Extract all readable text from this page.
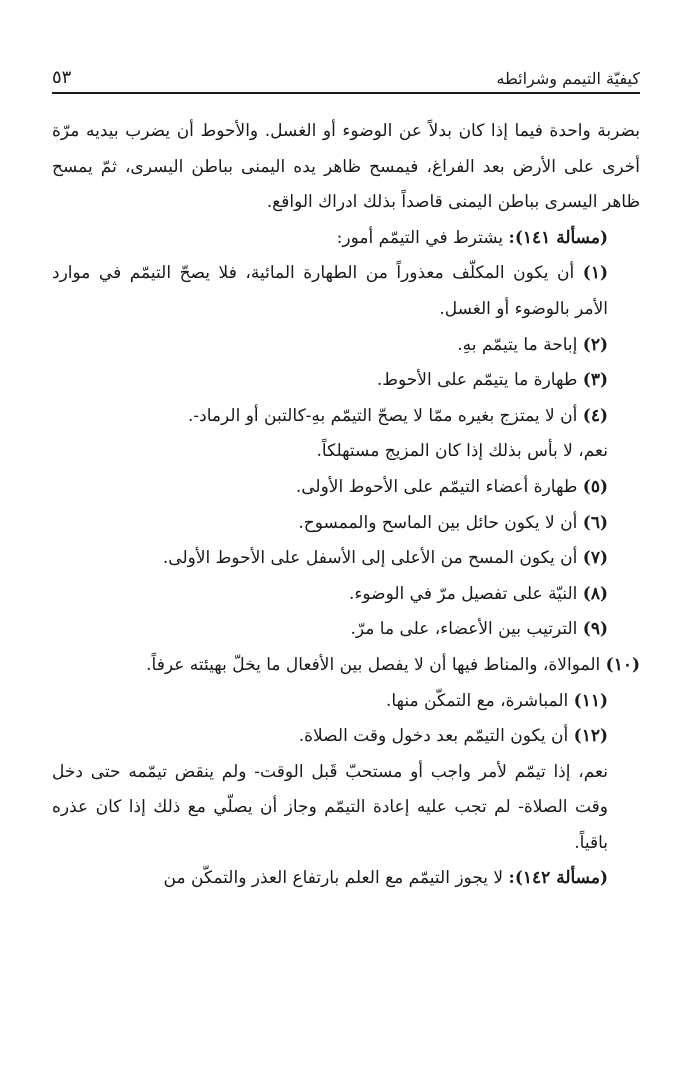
كيفيّة التيمم وشرائطه
٥٣

بضربة واحدة فيما إذا كان بدلاً عن الوضوء أو الغسل. والأحوط أن يضرب بيديه مرّة أخرى على الأرض بعد الفراغ، فيمسح ظاهر يده اليمنى بباطن اليسرى، ثمّ يمسح ظاهر اليسرى بباطن اليمنى قاصداً بذلك ادراك الواقع.

(مسألة ١٤١): يشترط في التيمّم أمور:

(١) أن يكون المكلّف معذوراً من الطهارة المائية، فلا يصحّ التيمّم في موارد الأمر بالوضوء أو الغسل.

(٢) إباحة ما يتيمّم بهِ.

(٣) طهارة ما يتيمّم على الأحوط.

(٤) أن لا يمتزج بغيره ممّا لا يصحّ التيمّم بهِ-كالتبن أو الرماد-.

نعم، لا بأس بذلك إذا كان المزيج مستهلكاً.

(٥) طهارة أعضاء التيمّم على الأحوط الأولى.

(٦) أن لا يكون حائل بين الماسح والممسوح.

(٧) أن يكون المسح من الأعلى إلى الأسفل على الأحوط الأولى.

(٨) النيّة على تفصيل مرّ في الوضوء.

(٩) الترتيب بين الأعضاء، على ما مرّ.

(١٠) الموالاة، والمناط فيها أن لا يفصل بين الأفعال ما يخلّ بهيئته عرفاً.

(١١) المباشرة، مع التمكّن منها.

(١٢) أن يكون التيمّم بعد دخول وقت الصلاة.

نعم، إذا تيمّم لأمر واجب أو مستحبّ قَبل الوقت- ولم ينقض تيمّمه حتى دخل وقت الصلاة- لم تجب عليه إعادة التيمّم وجاز أن يصلّي مع ذلك إذا كان عذره باقياً.

(مسألة ١٤٢): لا يجوز التيمّم مع العلم بارتفاع العذر والتمكّن من
